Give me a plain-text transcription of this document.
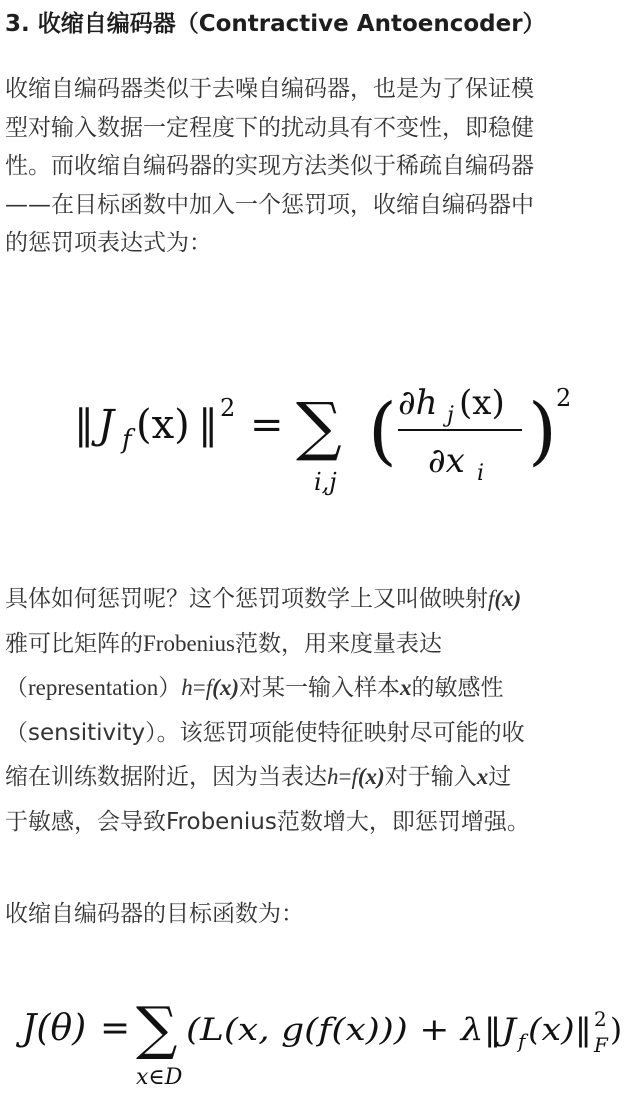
3. 收缩自编码器（Contractive Antoencoder）
收缩自编码器类似于去噪自编码器，也是为了保证模
型对输入数据一定程度下的扰动具有不变性，即稳健
性。而收缩自编码器的实现方法类似于稀疏自编码器
——在目标函数中加入一个惩罚项，收缩自编码器中
的惩罚项表达式为：
‖ J f (x) ‖ 2 = ∑
i,j
( ∂h j (x)
∂x i ) 2
具体如何惩罚呢？这个惩罚项数学上又叫做映射f(x)
雅可比矩阵的Frobenius范数，用来度量表达
（representation）h=f(x)对某一输入样本x的敏感性
（sensitivity）。该惩罚项能使特征映射尽可能的收
缩在训练数据附近，因为当表达h=f(x)对于输入x过
于敏感，会导致Frobenius范数增大，即惩罚增强。
收缩自编码器的目标函数为：
J(θ) = ∑
x∈D
(L(x, g(f(x))) + λ‖J f (x)‖ 2
F )
